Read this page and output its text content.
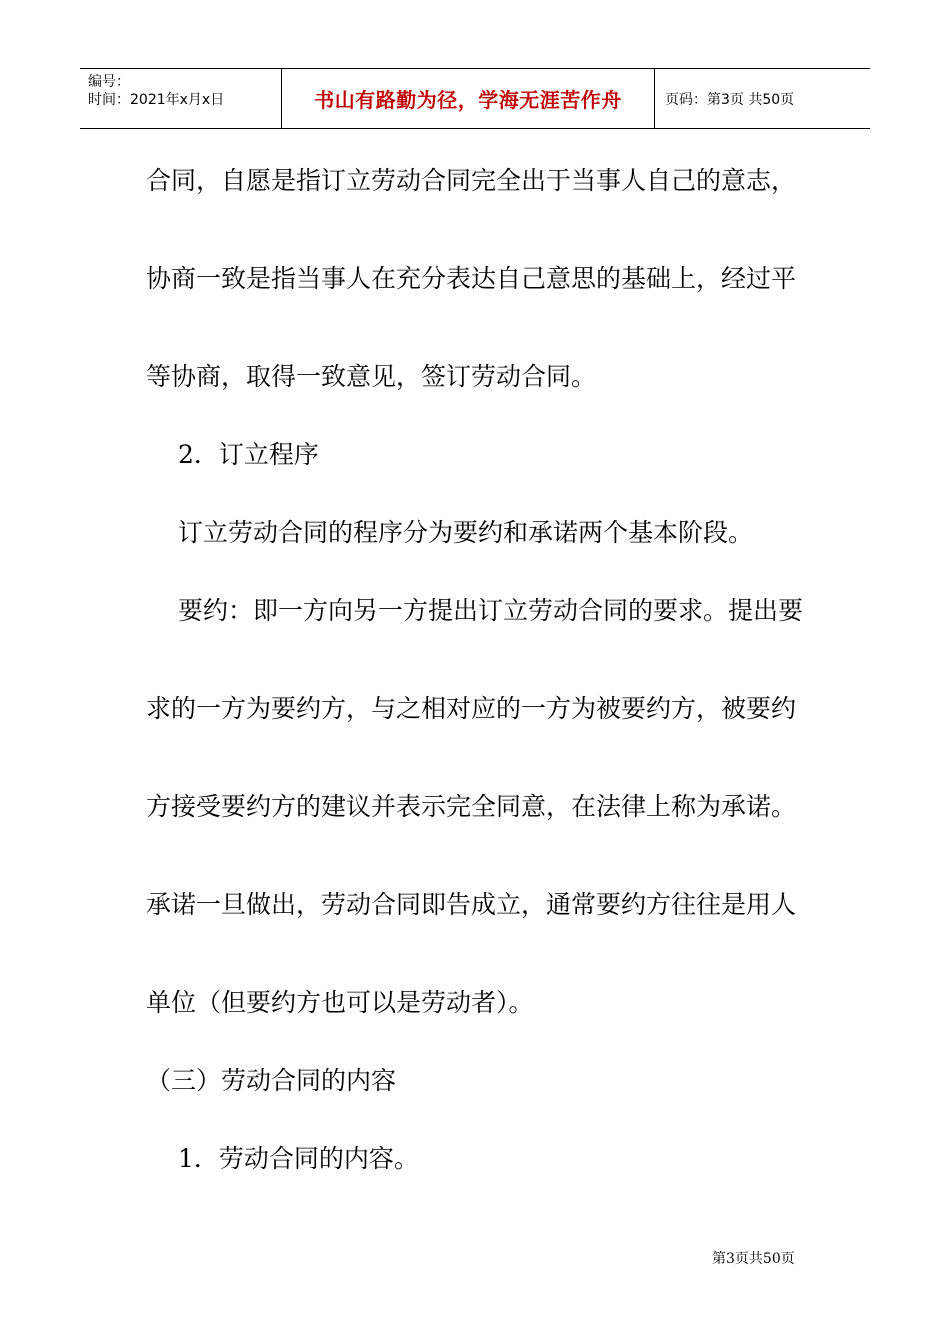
编号：
时间：2021年x月x日	书山有路勤为径，学海无涯苦作舟	页码：第3页 共50页

合同，自愿是指订立劳动合同完全出于当事人自己的意志，

协商一致是指当事人在充分表达自己意思的基础上，经过平

等协商，取得一致意见，签订劳动合同。

2．订立程序

订立劳动合同的程序分为要约和承诺两个基本阶段。

要约：即一方向另一方提出订立劳动合同的要求。提出要

求的一方为要约方，与之相对应的一方为被要约方，被要约

方接受要约方的建议并表示完全同意，在法律上称为承诺。

承诺一旦做出，劳动合同即告成立，通常要约方往往是用人

单位（但要约方也可以是劳动者）。

（三）劳动合同的内容

1．劳动合同的内容。

第3页共50页
